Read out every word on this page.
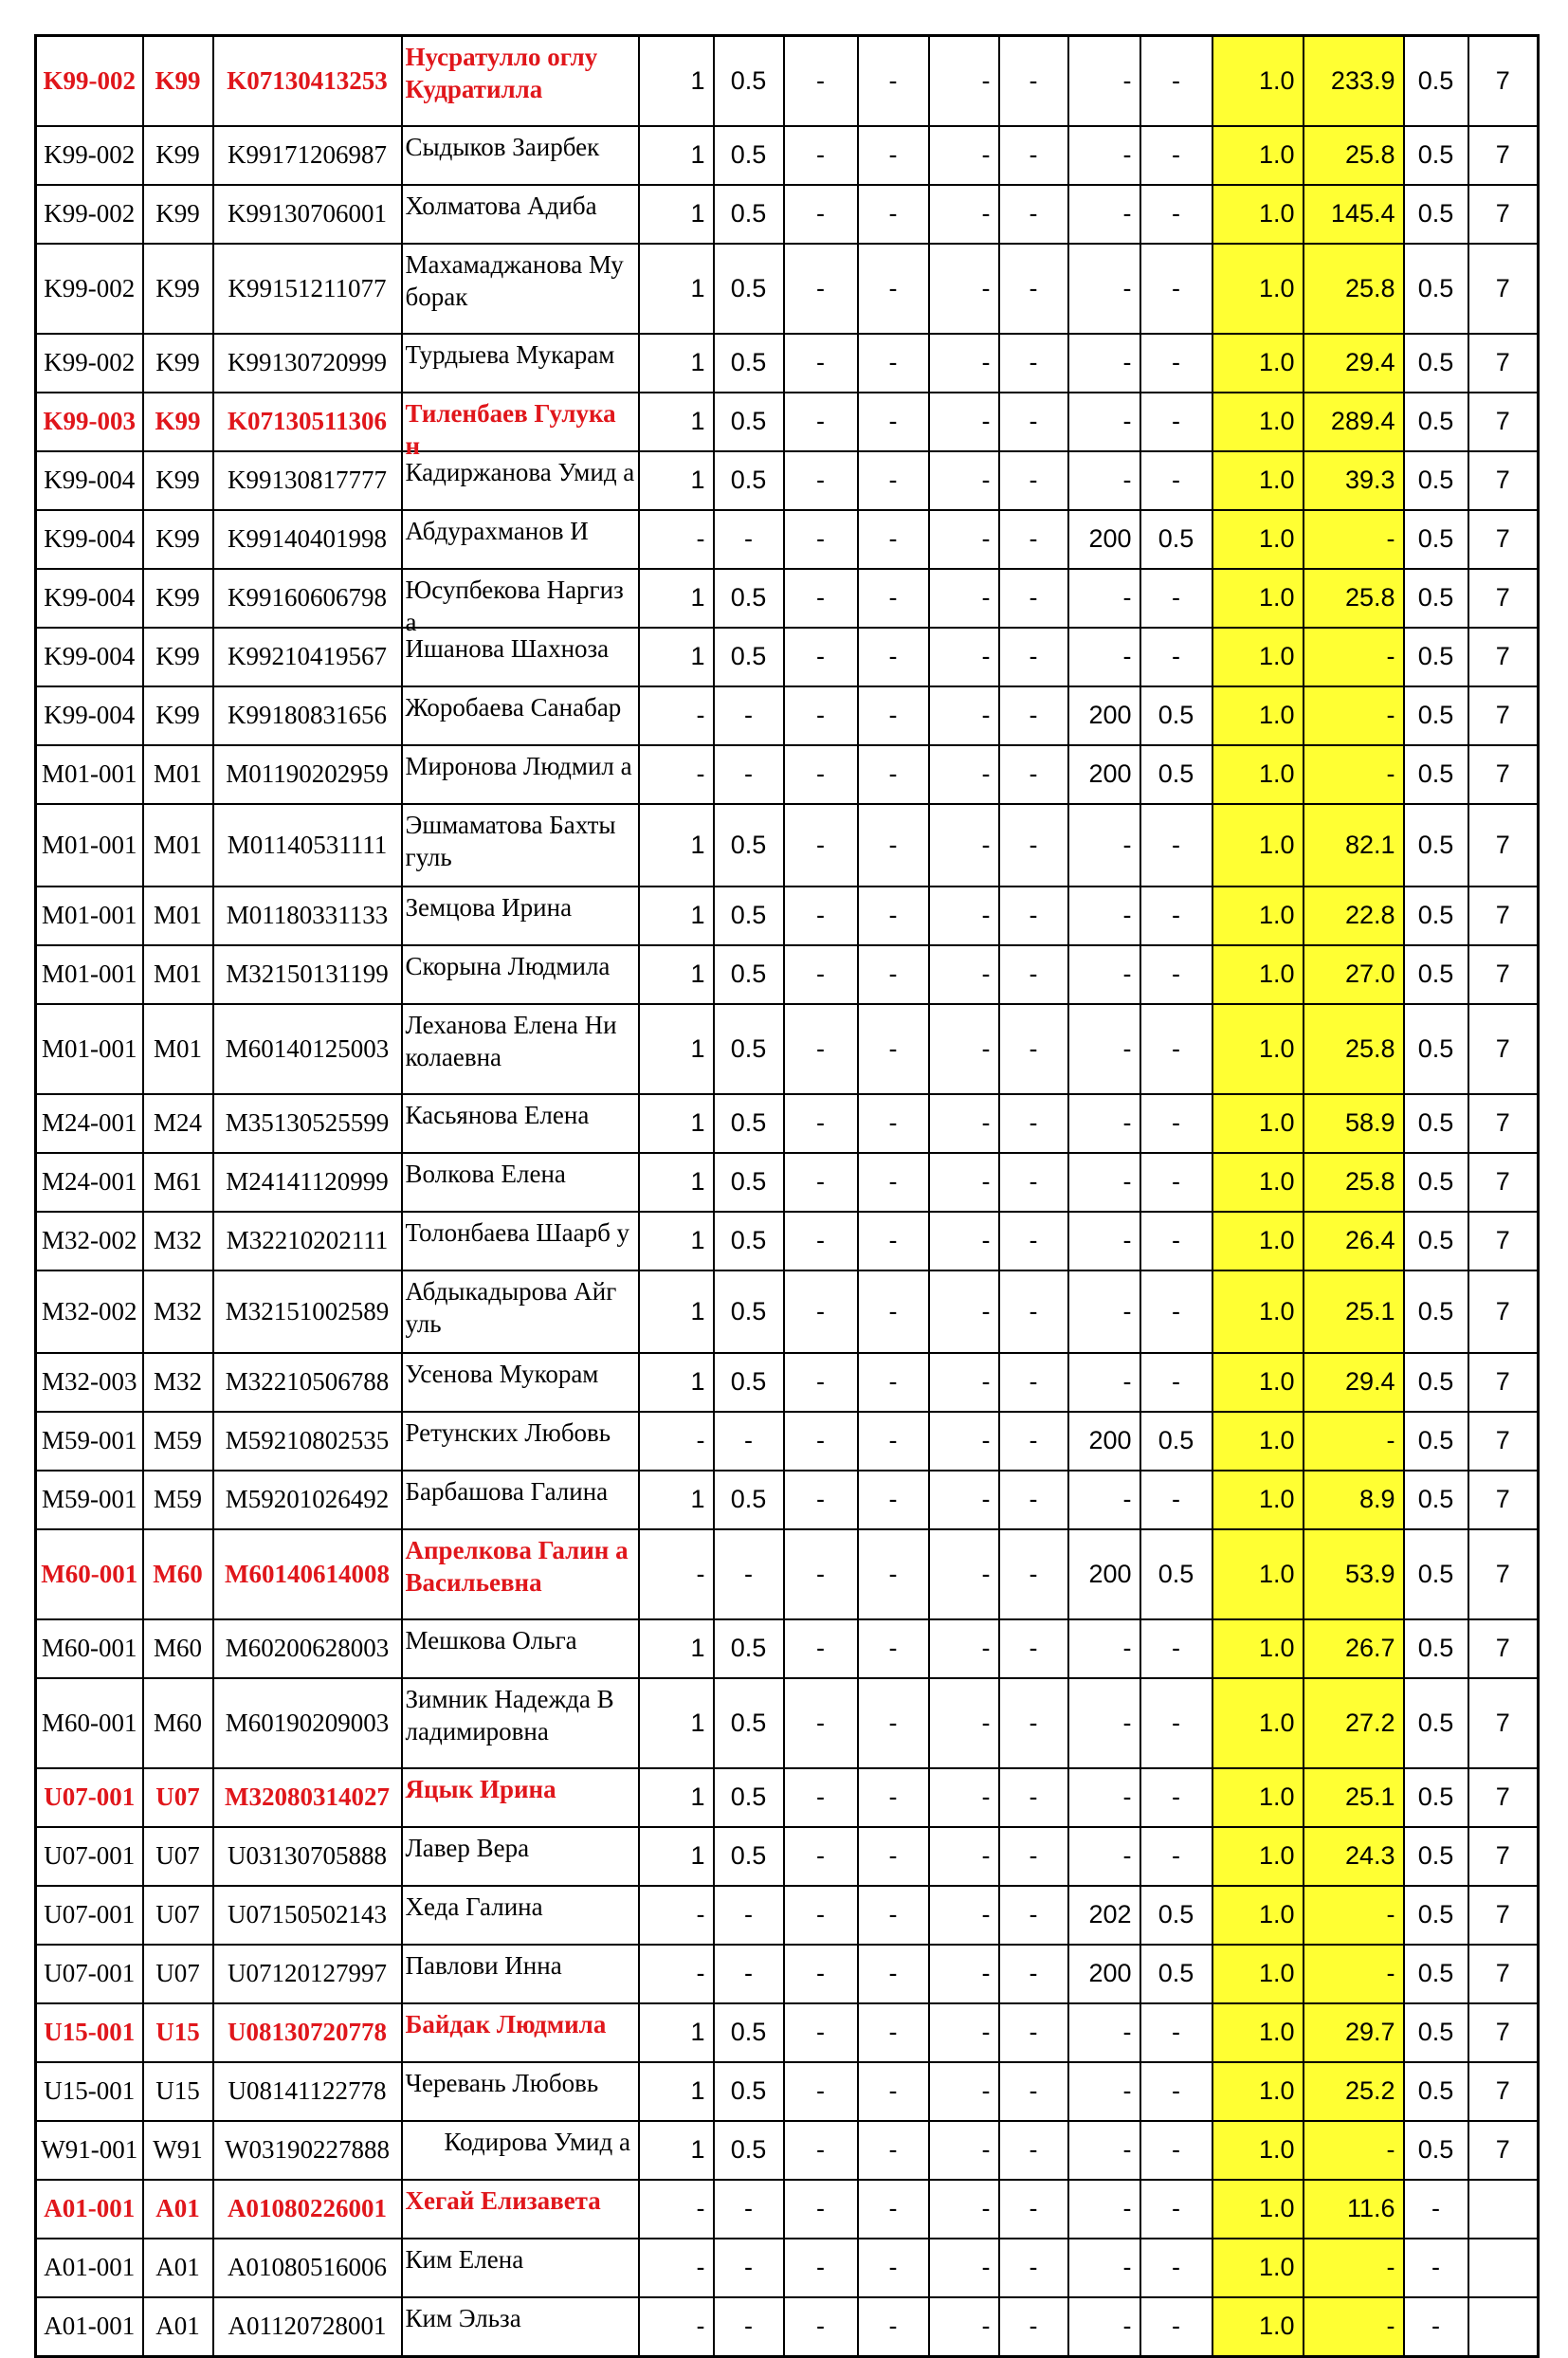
K99-002	K99	K07130413253	Нусратулло оглу Кудратилла	1	0.5	-	-	-	-	-	-	1.0	233.9	0.5	7
K99-002	K99	K99171206987	Сыдыков Заирбек	1	0.5	-	-	-	-	-	-	1.0	25.8	0.5	7
K99-002	K99	K99130706001	Холматова Адиба	1	0.5	-	-	-	-	-	-	1.0	145.4	0.5	7
K99-002	K99	K99151211077	Махамаджанова Му борак	1	0.5	-	-	-	-	-	-	1.0	25.8	0.5	7
K99-002	K99	K99130720999	Турдыева Мукарам	1	0.5	-	-	-	-	-	-	1.0	29.4	0.5	7
K99-003	K99	K07130511306	Тиленбаев Гулука н	1	0.5	-	-	-	-	-	-	1.0	289.4	0.5	7
K99-004	K99	K99130817777	Кадиржанова Умид а	1	0.5	-	-	-	-	-	-	1.0	39.3	0.5	7
K99-004	K99	K99140401998	Абдурахманов И	-	-	-	-	-	-	200	0.5	1.0	-	0.5	7
K99-004	K99	K99160606798	Юсупбекова Наргиз а	1	0.5	-	-	-	-	-	-	1.0	25.8	0.5	7
K99-004	K99	K99210419567	Ишанова Шахноза	1	0.5	-	-	-	-	-	-	1.0	-	0.5	7
K99-004	K99	K99180831656	Жоробаева Санабар	-	-	-	-	-	-	200	0.5	1.0	-	0.5	7
M01-001	M01	M01190202959	Миронова Людмил а	-	-	-	-	-	-	200	0.5	1.0	-	0.5	7
M01-001	M01	M01140531111	Эшмаматова Бахты гуль	1	0.5	-	-	-	-	-	-	1.0	82.1	0.5	7
M01-001	M01	M01180331133	Земцова Ирина	1	0.5	-	-	-	-	-	-	1.0	22.8	0.5	7
M01-001	M01	M32150131199	Скорына Людмила	1	0.5	-	-	-	-	-	-	1.0	27.0	0.5	7
M01-001	M01	M60140125003	Леханова Елена Ни колаевна	1	0.5	-	-	-	-	-	-	1.0	25.8	0.5	7
M24-001	M24	M35130525599	Касьянова Елена	1	0.5	-	-	-	-	-	-	1.0	58.9	0.5	7
M24-001	M61	M24141120999	Волкова Елена	1	0.5	-	-	-	-	-	-	1.0	25.8	0.5	7
M32-002	M32	M32210202111	Толонбаева Шаарб у	1	0.5	-	-	-	-	-	-	1.0	26.4	0.5	7
M32-002	M32	M32151002589	Абдыкадырова Айг уль	1	0.5	-	-	-	-	-	-	1.0	25.1	0.5	7
M32-003	M32	M32210506788	Усенова Мукорам	1	0.5	-	-	-	-	-	-	1.0	29.4	0.5	7
M59-001	M59	M59210802535	Ретунских Любовь	-	-	-	-	-	-	200	0.5	1.0	-	0.5	7
M59-001	M59	M59201026492	Барбашова Галина	1	0.5	-	-	-	-	-	-	1.0	8.9	0.5	7
M60-001	M60	M60140614008	Апрелкова Галин а Васильевна	-	-	-	-	-	-	200	0.5	1.0	53.9	0.5	7
M60-001	M60	M60200628003	Мешкова Ольга	1	0.5	-	-	-	-	-	-	1.0	26.7	0.5	7
M60-001	M60	M60190209003	Зимник Надежда В ладимировна	1	0.5	-	-	-	-	-	-	1.0	27.2	0.5	7
U07-001	U07	M32080314027	Яцык Ирина	1	0.5	-	-	-	-	-	-	1.0	25.1	0.5	7
U07-001	U07	U03130705888	Лавер Вера	1	0.5	-	-	-	-	-	-	1.0	24.3	0.5	7
U07-001	U07	U07150502143	Хеда Галина	-	-	-	-	-	-	202	0.5	1.0	-	0.5	7
U07-001	U07	U07120127997	Павлови Инна	-	-	-	-	-	-	200	0.5	1.0	-	0.5	7
U15-001	U15	U08130720778	Байдак Людмила	1	0.5	-	-	-	-	-	-	1.0	29.7	0.5	7
U15-001	U15	U08141122778	Черевань Любовь	1	0.5	-	-	-	-	-	-	1.0	25.2	0.5	7
W91-001	W91	W03190227888	Кодирова Умид а	1	0.5	-	-	-	-	-	-	1.0	-	0.5	7
A01-001	A01	A01080226001	Хегай Елизавета	-	-	-	-	-	-	-	-	1.0	11.6	-	
A01-001	A01	A01080516006	Ким Елена	-	-	-	-	-	-	-	-	1.0	-	-	
A01-001	A01	A01120728001	Ким Эльза	-	-	-	-	-	-	-	-	1.0	-	-	
